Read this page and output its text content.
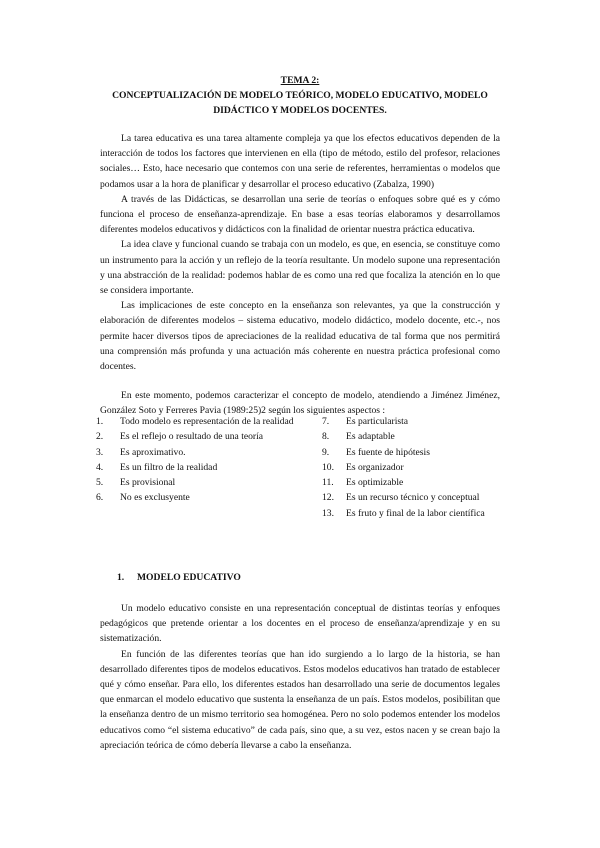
TEMA 2:
CONCEPTUALIZACIÓN DE MODELO TEÓRICO, MODELO EDUCATIVO, MODELO
DIDÁCTICO Y MODELOS DOCENTES.

La tarea educativa es una tarea altamente compleja ya que los efectos educativos dependen de la interacción de todos los factores que intervienen en ella (tipo de método, estilo del profesor, relaciones sociales… Esto, hace necesario que contemos con una serie de referentes, herramientas o modelos que podamos usar a la hora de planificar y desarrollar el proceso educativo (Zabalza, 1990)

A través de las Didácticas, se desarrollan una serie de teorías o enfoques sobre qué es y cómo funciona el proceso de enseñanza-aprendizaje. En base a esas teorías elaboramos y desarrollamos diferentes modelos educativos y didácticos con la finalidad de orientar nuestra práctica educativa.

La idea clave y funcional cuando se trabaja con un modelo, es que, en esencia, se constituye como un instrumento para la acción y un reflejo de la teoría resultante. Un modelo supone una representación y una abstracción de la realidad: podemos hablar de es como una red que focaliza la atención en lo que se considera importante.

Las implicaciones de este concepto en la enseñanza son relevantes, ya que la construcción y elaboración de diferentes modelos – sistema educativo, modelo didáctico, modelo docente, etc.-, nos permite hacer diversos tipos de apreciaciones de la realidad educativa de tal forma que nos permitirá una comprensión más profunda y una actuación más coherente en nuestra práctica profesional como docentes.

En este momento, podemos caracterizar el concepto de modelo, atendiendo a Jiménez Jiménez, González Soto y Ferreres Pavia (1989:25)2 según los siguientes aspectos :

1.	Todo modelo es representación de la realidad
2.	Es el reflejo o resultado de una teoría
3.	Es aproximativo.
4.	Es un filtro de la realidad
5.	Es provisional
6.	No es exclusyente
7.	Es particularista
8.	Es adaptable
9.	Es fuente de hipótesis
10.	Es organizador
11.	Es optimizable
12.	Es un recurso técnico y conceptual
13.	Es fruto y final de la labor científica
1. MODELO EDUCATIVO

Un modelo educativo consiste en una representación conceptual de distintas teorías y enfoques pedagógicos que pretende orientar a los docentes en el proceso de enseñanza/aprendizaje y en su sistematización.

En función de las diferentes teorías que han ido surgiendo a lo largo de la historia, se han desarrollado diferentes tipos de modelos educativos. Estos modelos educativos han tratado de establecer qué y cómo enseñar. Para ello, los diferentes estados han desarrollado una serie de documentos legales que enmarcan el modelo educativo que sustenta la enseñanza de un país. Estos modelos, posibilitan que la enseñanza dentro de un mismo territorio sea homogénea. Pero no solo podemos entender los modelos educativos como “el sistema educativo” de cada país, sino que, a su vez, estos nacen y se crean bajo la apreciación teórica de cómo debería llevarse a cabo la enseñanza.
